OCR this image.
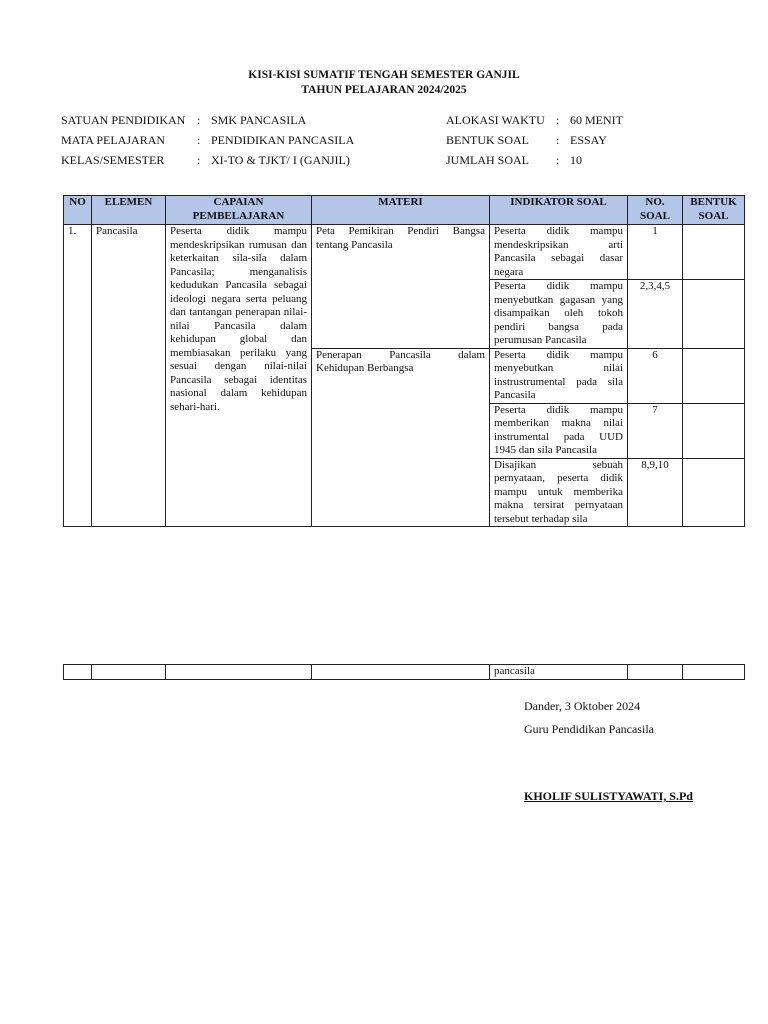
KISI-KISI SUMATIF TENGAH SEMESTER GANJIL
TAHUN PELAJARAN 2024/2025
SATUAN PENDIDIKAN : SMK PANCASILA
MATA PELAJARAN	: PENDIDIKAN PANCASILA
KELAS/SEMESTER	: XI-TO & TJKT/ I (GANJIL)
ALOKASI WAKTU : 60 MENIT
BENTUK SOAL	: ESSAY
JUMLAH SOAL	: 10
NO	ELEMEN	CAPAIAN PEMBELAJARAN	MATERI	INDIKATOR SOAL	NO. SOAL	BENTUK SOAL
1.	Pancasila	Peserta didik mampu mendeskripsikan rumusan dan keterkaitan sila-sila dalam Pancasila; menganalisis kedudukan Pancasila sebagai ideologi negara serta peluang dan tantangan penerapan nilai-nilai Pancasila dalam kehidupan global dan membiasakan perilaku yang sesuai dengan nilai-nilai Pancasila sebagai identitas nasional dalam kehidupan sehari-hari.	Peta Pemikiran Pendiri Bangsa tentang Pancasila	Peserta didik mampu mendeskripsikan arti Pancasila sebagai dasar negara	1	
				Peserta didik mampu menyebutkan gagasan yang disampaikan oleh tokoh pendiri bangsa pada perumusan Pancasila	2,3,4,5	
			Penerapan Pancasila dalam Kehidupan Berbangsa	Peserta didik mampu menyebutkan nilai instrustrumental pada sila Pancasila	6	
				Peserta didik mampu memberikan makna nilai instrumental pada UUD 1945 dan sila Pancasila	7	
				Disajikan sebuah pernyataan, peserta didik mampu untuk memberika makna tersirat pernyataan tersebut terhadap sila	8,9,10	
				pancasila		
Dander, 3 Oktober 2024
Guru Pendidikan Pancasila
KHOLIF SULISTYAWATI, S.Pd
